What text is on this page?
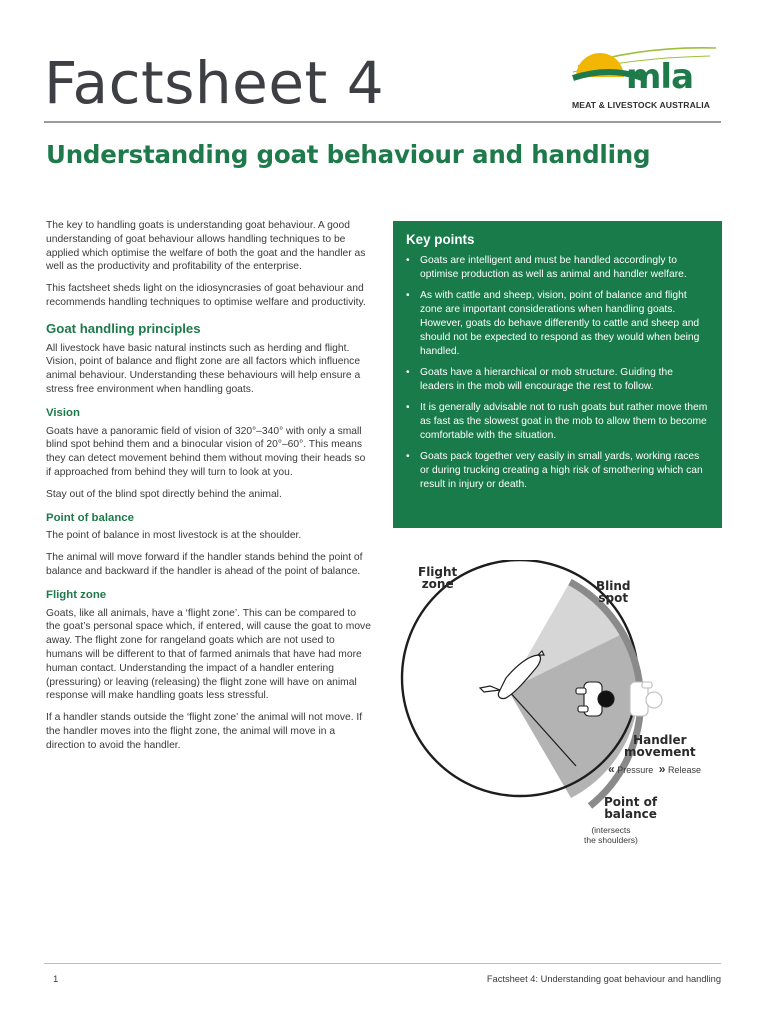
Factsheet 4	mla
MEAT & LIVESTOCK AUSTRALIA
Understanding goat behaviour and handling

The key to handling goats is understanding goat behaviour. A good understanding of goat behaviour allows handling techniques to be applied which optimise the welfare of both the goat and the handler as well as the productivity and profitability of the enterprise.

This factsheet sheds light on the idiosyncrasies of goat behaviour and recommends handling techniques to optimise welfare and productivity.

Goat handling principles

All livestock have basic natural instincts such as herding and flight. Vision, point of balance and flight zone are all factors which influence animal behaviour. Understanding these behaviours will help ensure a stress free environment when handling goats.

Vision

Goats have a panoramic field of vision of 320°–340° with only a small blind spot behind them and a binocular vision of 20°–60°. This means they can detect movement behind them without moving their heads so if approached from behind they will turn to look at you.

Stay out of the blind spot directly behind the animal.

Point of balance

The point of balance in most livestock is at the shoulder.

The animal will move forward if the handler stands behind the point of balance and backward if the handler is ahead of the point of balance.

Flight zone

Goats, like all animals, have a ‘flight zone’. This can be compared to the goat’s personal space which, if entered, will cause the goat to move away. The flight zone for rangeland goats which are not used to humans will be different to that of farmed animals that have had more human contact. Understanding the impact of a handler entering (pressuring) or leaving (releasing) the flight zone will have on animal response will make handling goats less stressful.

If a handler stands outside the ‘flight zone’ the animal will not move. If the handler moves into the flight zone, the animal will move in a direction to avoid the handler.

Key points
• Goats are intelligent and must be handled accordingly to optimise production as well as animal and handler welfare.
• As with cattle and sheep, vision, point of balance and flight zone are important considerations when handling goats. However, goats do behave differently to cattle and sheep and should not be expected to respond as they would when being handled.
• Goats have a hierarchical or mob structure. Guiding the leaders in the mob will encourage the rest to follow.
• It is generally advisable not to rush goats but rather move them as fast as the slowest goat in the mob to allow them to become comfortable with the situation.
• Goats pack together very easily in small yards, working races or during trucking creating a high risk of smothering which can result in injury or death.
Flight
zone	Blind
spot
Handler
movement
« Pressure » Release
Point of
balance
(intersects
the shoulders)
1	Factsheet 4: Understanding goat behaviour and handling
